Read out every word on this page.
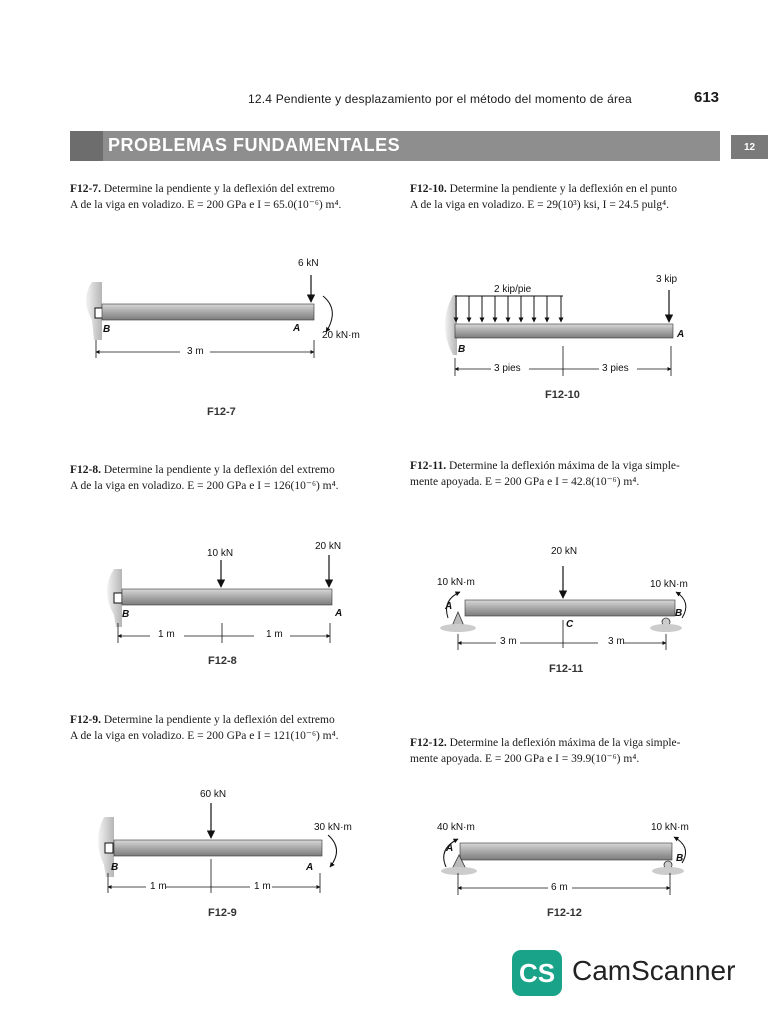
12.4 Pendiente y desplazamiento por el método del momento de área	613
PROBLEMAS FUNDAMENTALES	12
F12-7. Determine la pendiente y la deflexión del extremo
A de la viga en voladizo. E = 200 GPa e I = 65.0(10⁻⁶) m⁴.
F12-10. Determine la pendiente y la deflexión en el punto
A de la viga en voladizo. E = 29(10³) ksi, I = 24.5 pulg⁴.
F12-8. Determine la pendiente y la deflexión del extremo
A de la viga en voladizo. E = 200 GPa e I = 126(10⁻⁶) m⁴.
F12-11. Determine la deflexión máxima de la viga simple-
mente apoyada. E = 200 GPa e I = 42.8(10⁻⁶) m⁴.
F12-9. Determine la pendiente y la deflexión del extremo
A de la viga en voladizo. E = 200 GPa e I = 121(10⁻⁶) m⁴.
F12-12. Determine la deflexión máxima de la viga simple-
mente apoyada. E = 200 GPa e I = 39.9(10⁻⁶) m⁴.
6 kN
20 kN·m
A
B
3 m
F12-7
2 kip/pie
3 kip
A
B
3 pies	3 pies
F12-10
10 kN
20 kN
A
B
1 m	1 m
F12-8
20 kN
10 kN·m	10 kN·m
A
B
C
3 m	3 m
F12-11
60 kN
30 kN·m
A
B
1 m	1 m
F12-9
40 kN·m	10 kN·m
A
B
6 m
F12-12
CS CamScanner
